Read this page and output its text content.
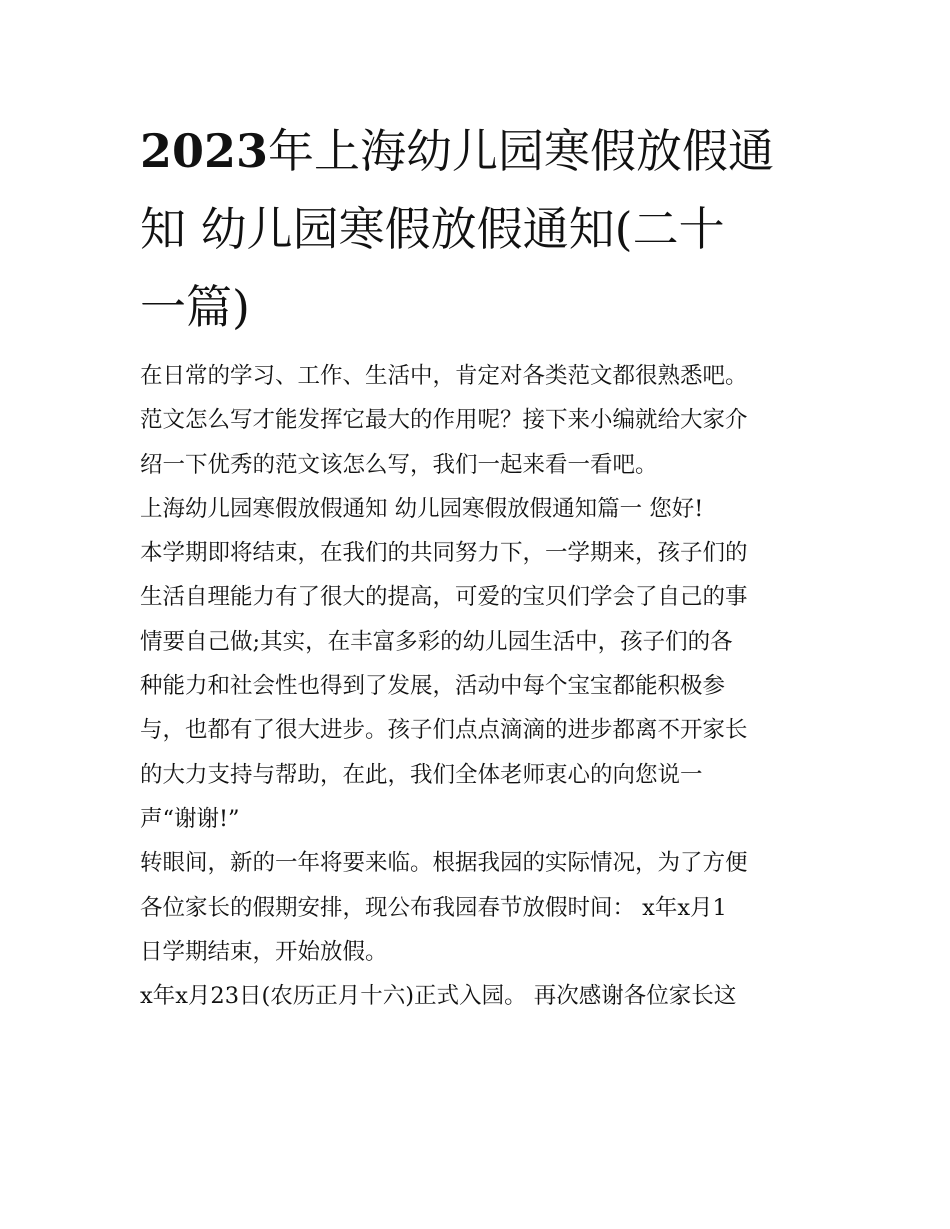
2023年上海幼儿园寒假放假通
知 幼儿园寒假放假通知(二十
一篇)

在日常的学习、工作、生活中，肯定对各类范文都很熟悉吧。

范文怎么写才能发挥它最大的作用呢？接下来小编就给大家介

绍一下优秀的范文该怎么写，我们一起来看一看吧。

上海幼儿园寒假放假通知 幼儿园寒假放假通知篇一 您好!

本学期即将结束，在我们的共同努力下，一学期来，孩子们的

生活自理能力有了很大的提高，可爱的宝贝们学会了自己的事

情要自己做;其实，在丰富多彩的幼儿园生活中，孩子们的各

种能力和社会性也得到了发展，活动中每个宝宝都能积极参

与，也都有了很大进步。孩子们点点滴滴的进步都离不开家长

的大力支持与帮助，在此，我们全体老师衷心的向您说一

声“谢谢!”

转眼间，新的一年将要来临。根据我园的实际情况，为了方便

各位家长的假期安排，现公布我园春节放假时间： x年x月1

日学期结束，开始放假。

x年x月23日(农历正月十六)正式入园。 再次感谢各位家长这
